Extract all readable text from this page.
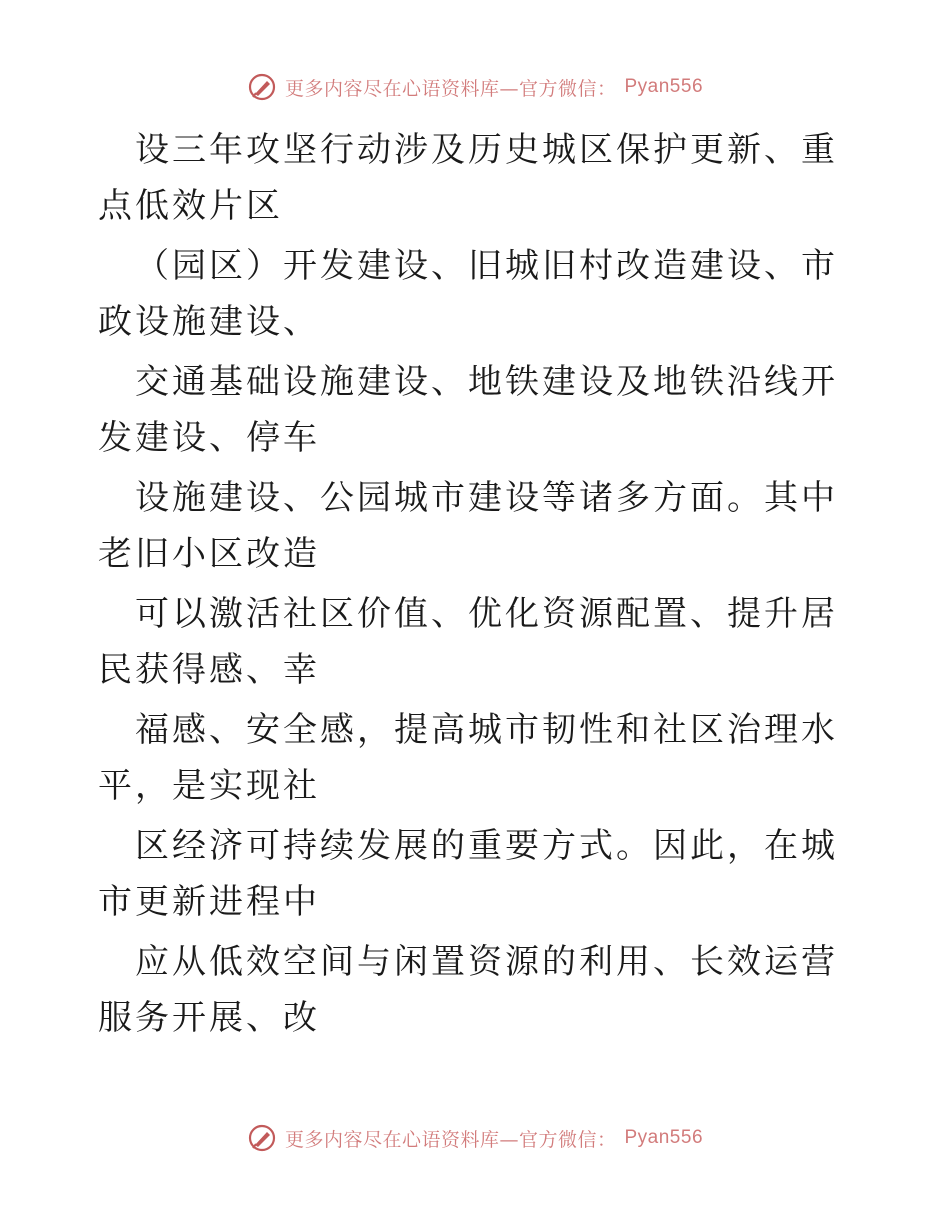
更多内容尽在心语资料库—官方微信： Pyan556

设三年攻坚行动涉及历史城区保护更新、重点低效片区

（园区）开发建设、旧城旧村改造建设、市政设施建设、

交通基础设施建设、地铁建设及地铁沿线开发建设、停车

设施建设、公园城市建设等诸多方面。其中老旧小区改造

可以激活社区价值、优化资源配置、提升居民获得感、幸

福感、安全感，提高城市韧性和社区治理水平，是实现社

区经济可持续发展的重要方式。因此，在城市更新进程中

应从低效空间与闲置资源的利用、长效运营服务开展、改

更多内容尽在心语资料库—官方微信： Pyan556
